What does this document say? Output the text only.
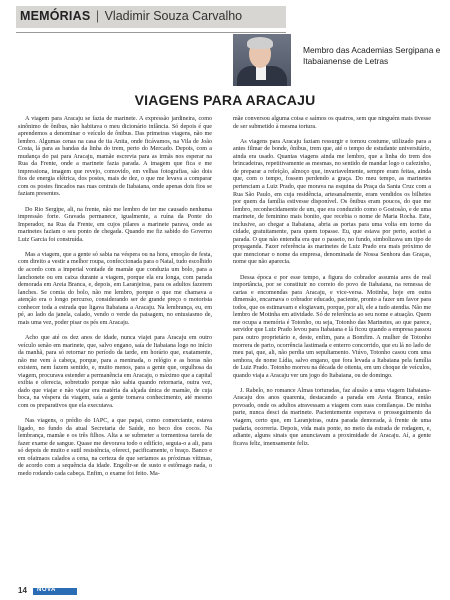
MEMÓRIAS | Vladimir Souza Carvalho
Membro das Academias Sergipana e Itabaianense de Letras
VIAGENS PARA ARACAJU

A viagem para Aracaju se fazia de marinete. A expressão jardineira, como sinônimo de ônibus, não habitava o meu dicionário infância. Só depois é que aprendemos a denominar o veículo de ônibus. Das primeiras viagens, não me lembro. Algumas cenas na casa de tia Anita, onde ficávamos, na Vila de João Costa, lá para as bandas da linha do trem, perto do Mercado. Depois, com a mudança do pai para Aracaju, mamãe escrevia para as irmãs nos esperar na Rua da Frente, onde a marinete fazia parada. A imagem que fica e me impressiona, imagem que revejo, comovido, em velhas fotografias, são dois fios de energia elétrica, dos postes, mais de dez, o que me levava a comparar com os postes fincados nas ruas centrais de Itabaiana, onde apenas dois fios se faziam presentes.

Do Rio Sergipe, ali, na frente, não me lembro de ter me causado nenhuma impressão forte. Gravada permanece, igualmente, a ruína da Ponte do Imperador, na Rua da Frente, em cujos pilares a marinete parava, onde as marinetes faziam o seu ponto de chegada. Quando me fiz sabido do Governo Luiz Garcia foi construída.

Mas a viagem, que a gente só sabia na véspera ou na hora, emoção de festa, com direito a vestir a melhor roupa, confeccionada para o Natal, tudo escolhido de acordo com a imperial vontade de mamãe que conduzia um bolo, para a lanchonete ou em caixa durante a viagem, porque ela era longa, com parada demorada em Areia Branca, e, depois, em Laranjeiras, para os adultos fazerem lanches. Se comia do bolo, não me lembro, porque o que me chamava a atenção era o longo percurso, considerando ser de grande preço o motorista conhecer toda a estrada que ligava Itabaiana a Aracaju. Na lembrança, eu, em pé, ao lado da janela, calado, vendo o verde da paisagem, no entusiasmo de, mais uma vez, poder pisar os pés em Aracaju.

Acho que até os dez anos de idade, nunca viajei para Aracaju em outro veículo senão em marinete, que, salvo engano, saía de Itabaiana logo no início da manhã, para só retornar no período da tarde, em horário que, exatamente, não me vem à cabeça, porque, para a meninada, o relógio e as horas não existem, nem fazem sentido, e, muito menos, para a gente que, orgulhosa da viagem, procurava estender a permanência em Aracaju, o máximo que a capital exibia e oferecia, sobretudo porque não sabia quando retornaria, outra vez, dado que viajar e não viajar era matéria da alçada única de mamãe, de cuja boca, na véspera da viagem, saía a gente tomava conhecimento, até mesmo com os preparativos que ela executava.

Nas viagens, o prédio do IAPC, a que papai, como comerciante, estava ligado, no fundo da atual Secretaria de Saúde, no beco dos cocos. Na lembrança, mamãe e os três filhos. Alta a se submeter a tormentosa tarefa de fazer exame de sangue. Quase me devorava todo o edifício, seguia-o a ali, para só depois de muito e sutil resistência, ofereci, pacificamente, o braço. Banco e em ofaimaos calados a cena, na certeza de que seriamos as próximas vítimas, de acordo com a sequência da idade. Engolir-se de susto e estômago nada, o medo rodando cada cabeça. Enfim, o exame foi feito. Ma-

mãe conversou alguma coisa e saímos os quatros, sem que ninguém mais tivesse de ser submetido à mesma tortura.

As viagens para Aracaju faziam ressurgir e tornou costume, utilizado para a antes filmar de bonde, ônibus, trem que, até o tempo de estudante universitário, ainda era usado. Quantas viagens ainda me lembro, que a linha do trem dos brincadeiras, repetitivamente as mesmas, no sentido de mandar logo o cafezinho, de preparar a refeição, almoço que, invariavelmente, sempre eram feitas, ainda que, com o tempo, fossem perdendo a graça. Do meu tempo, as marinetes pertenciam a Luiz Prado, que morava na esquina da Praça da Santa Cruz com a Rua São Paulo, em cuja residência, artesanalmente, eram vendidos os bilhetes por quem da família estivesse disponível. Os ônibus eram poucos, do que me lembro, reconhecidamente de um, que era conduzido como o Gostosão, e de uma marinete, de feminino mais bonito, que recebia o nome de Maria Rocha. Este, inclusive, ao chegar a Itabaiana, abria as portas para uma volta em torno da cidade, gratuitamente, para quem topasse. Eu, que estava por perto, aceitei a parada. O que não entendia era que o passeio, no fundo, simbolizava um tipo de propaganda. Fazer referência às marinetes de Luiz Prado era mais próximo de que mencionar o nome da empresa, denominada de Nossa Senhora das Graças, nome que não aparecia.

Dessa época e por esse tempo, a figura do cobrador assumia ares de real importância, por se constituir no correio do povo de Itabaiana, na remessa de cartas e encomendas para Aracaju, e vice-versa. Motinha, hoje em outra dimensão, encarnava o cobrador educado, paciente, pronto a fazer um favor para todos, que os estimavam e elogiavam, porque, por ali, ele a tudo atendia. Não me lembro de Motinha em atividade. Só de referência ao seu nome e atuação. Quem me ocupa a memória é Totonho, ou seja, Totonho das Marinetes, ao que parece, servidor que Luiz Prado levou para Itabaiana e lá ficou quando a empresa passou para outro proprietário e, deste, enfim, para a Bomfim. A mulher de Totonho morrera de parto, ocorrência lastimada e enterro concorrido, que eu lá no lado de meu pai, que, ali, não perdia um sepultamento. Viúvo, Totonho casou com uma senhora, de nome Lídia, salvo engano, que fora levada a Itabaiana pela família de Luiz Prado. Totonho morreu na década de oitenta, em um choque de veículos, quando viaja a Aracaju ver um jogo do Itabaiana, ou de domingo.

J. Rabelo, no romance Almas torturadas, faz alusão a uma viagem Itabaiana-Aracaju dos anos quarenta, destacando a parada em Areia Branca, então povoado, onde os adultos atravessam a viagem com suas comilanças. De minha parte, nunca desci da marinete. Pacientemente esperava o prosseguimento da viagem, certo que, em Laranjeiras, outra parada demorada, à frente de uma padaria, ocorreria. Depois, vida mais ponte, no meio da estrada de rodagem, e, adiante, alguns sinais que anunciavam a proximidade de Aracaju. Aí, a gente ficava feliz, imensamente feliz.

14 NOVA
